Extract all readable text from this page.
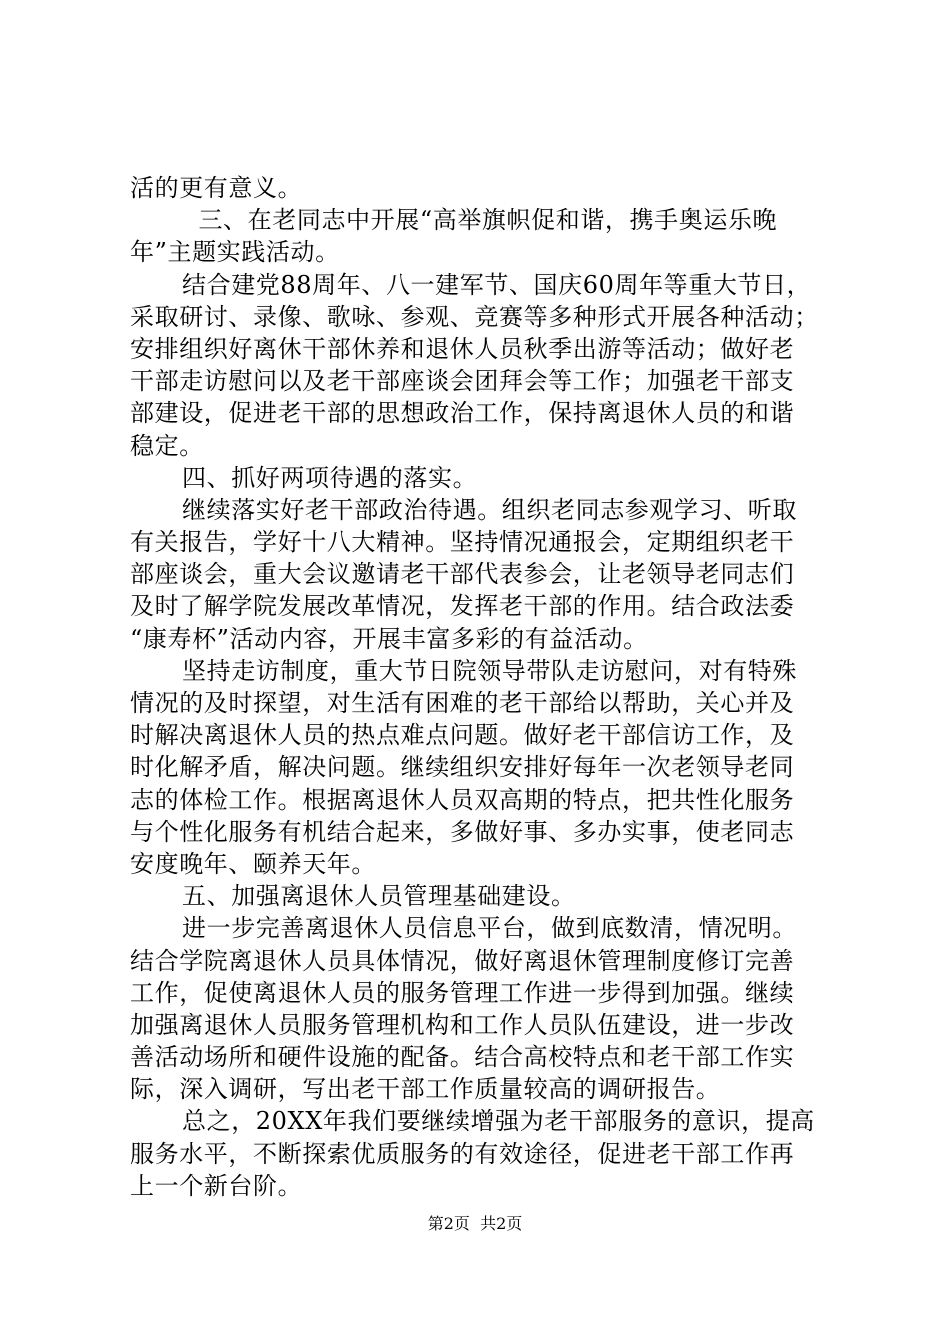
活的更有意义。
三、在老同志中开展“高举旗帜促和谐，携手奥运乐晚
年”主题实践活动。
结合建党88周年、八一建军节、国庆60周年等重大节日，
采取研讨、录像、歌咏、参观、竞赛等多种形式开展各种活动；
安排组织好离休干部休养和退休人员秋季出游等活动；做好老
干部走访慰问以及老干部座谈会团拜会等工作；加强老干部支
部建设，促进老干部的思想政治工作，保持离退休人员的和谐
稳定。
四、抓好两项待遇的落实。
继续落实好老干部政治待遇。组织老同志参观学习、听取
有关报告，学好十八大精神。坚持情况通报会，定期组织老干
部座谈会，重大会议邀请老干部代表参会，让老领导老同志们
及时了解学院发展改革情况，发挥老干部的作用。结合政法委
“康寿杯”活动内容，开展丰富多彩的有益活动。
坚持走访制度，重大节日院领导带队走访慰问，对有特殊
情况的及时探望，对生活有困难的老干部给以帮助，关心并及
时解决离退休人员的热点难点问题。做好老干部信访工作，及
时化解矛盾，解决问题。继续组织安排好每年一次老领导老同
志的体检工作。根据离退休人员双高期的特点，把共性化服务
与个性化服务有机结合起来，多做好事、多办实事，使老同志
安度晚年、颐养天年。
五、加强离退休人员管理基础建设。
进一步完善离退休人员信息平台，做到底数清，情况明。
结合学院离退休人员具体情况，做好离退休管理制度修订完善
工作，促使离退休人员的服务管理工作进一步得到加强。继续
加强离退休人员服务管理机构和工作人员队伍建设，进一步改
善活动场所和硬件设施的配备。结合高校特点和老干部工作实
际，深入调研，写出老干部工作质量较高的调研报告。
总之，20XX年我们要继续增强为老干部服务的意识，提高
服务水平，不断探索优质服务的有效途径，促进老干部工作再
上一个新台阶。
第2页  共2页
